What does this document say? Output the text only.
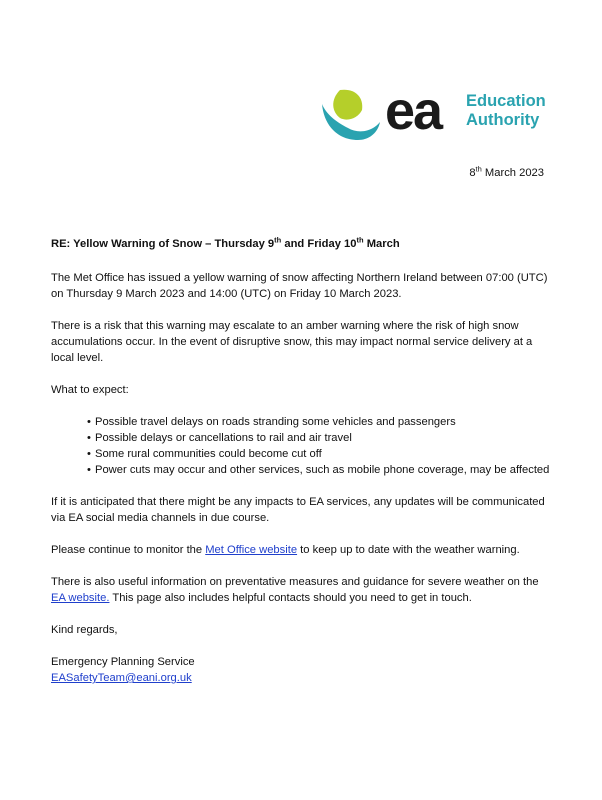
ea Education
Authority
8th March 2023
RE: Yellow Warning of Snow – Thursday 9th and Friday 10th March

The Met Office has issued a yellow warning of snow affecting Northern Ireland between 07:00 (UTC) on Thursday 9 March 2023 and 14:00 (UTC) on Friday 10 March 2023.

There is a risk that this warning may escalate to an amber warning where the risk of high snow accumulations occur. In the event of disruptive snow, this may impact normal service delivery at a local level.

What to expect:

• Possible travel delays on roads stranding some vehicles and passengers
• Possible delays or cancellations to rail and air travel
• Some rural communities could become cut off
• Power cuts may occur and other services, such as mobile phone coverage, may be affected

If it is anticipated that there might be any impacts to EA services, any updates will be communicated via EA social media channels in due course.

Please continue to monitor the Met Office website to keep up to date with the weather warning.

There is also useful information on preventative measures and guidance for severe weather on the EA website. This page also includes helpful contacts should you need to get in touch.

Kind regards,

Emergency Planning Service

EASafetyTeam@eani.org.uk
